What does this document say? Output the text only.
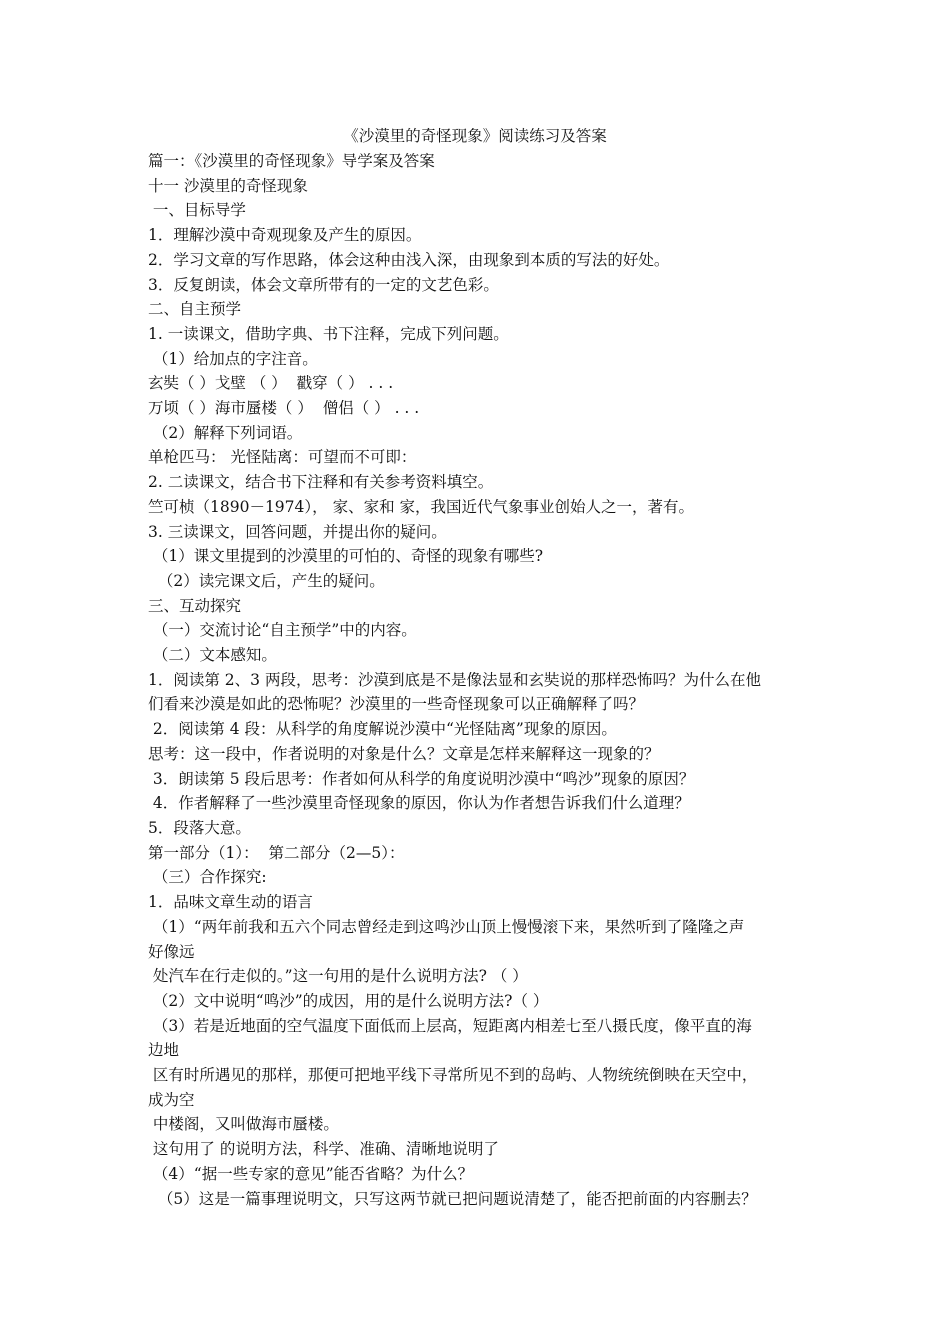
《沙漠里的奇怪现象》阅读练习及答案
篇一：《沙漠里的奇怪现象》导学案及答案
十一 沙漠里的奇怪现象
一、目标导学
1．理解沙漠中奇观现象及产生的原因。
2．学习文章的写作思路，体会这种由浅入深，由现象到本质的写法的好处。
3．反复朗读，体会文章所带有的一定的文艺色彩。
二、自主预学
1. 一读课文，借助字典、书下注释，完成下列问题。
（1）给加点的字注音。
玄奘（ ）戈壁 （ ）  戳穿（ ） . . .
万顷（ ）海市蜃楼（ ）  僧侣（ ） . . .
（2）解释下列词语。
单枪匹马： 光怪陆离：可望而不可即：
2. 二读课文，结合书下注释和有关参考资料填空。
竺可桢（1890－1974）， 家、家和 家，我国近代气象事业创始人之一，著有。
3. 三读课文，回答问题，并提出你的疑问。
（1）课文里提到的沙漠里的可怕的、奇怪的现象有哪些?
（2）读完课文后，产生的疑问。
三、互动探究
（一）交流讨论“自主预学”中的内容。
（二）文本感知。
1．阅读第 2、3 两段，思考：沙漠到底是不是像法显和玄奘说的那样恐怖吗？为什么在他
们看来沙漠是如此的恐怖呢？沙漠里的一些奇怪现象可以正确解释了吗？
2．阅读第 4 段：从科学的角度解说沙漠中“光怪陆离”现象的原因。
思考：这一段中，作者说明的对象是什么？文章是怎样来解释这一现象的？
3．朗读第 5 段后思考：作者如何从科学的角度说明沙漠中“鸣沙”现象的原因？
4．作者解释了一些沙漠里奇怪现象的原因，你认为作者想告诉我们什么道理？
5．段落大意。
第一部分（1）：  第二部分（2—5）：
（三）合作探究:
1．品味文章生动的语言
（1）“两年前我和五六个同志曾经走到这鸣沙山顶上慢慢滚下来，果然听到了隆隆之声
好像远
处汽车在行走似的。”这一句用的是什么说明方法? （ ）
（2）文中说明“鸣沙”的成因，用的是什么说明方法?（ ）
（3）若是近地面的空气温度下面低而上层高，短距离内相差七至八摄氏度，像平直的海
边地
区有时所遇见的那样，那便可把地平线下寻常所见不到的岛屿、人物统统倒映在天空中，
成为空
中楼阁，又叫做海市蜃楼。
这句用了 的说明方法，科学、准确、清晰地说明了
（4）“据一些专家的意见”能否省略？为什么？
（5）这是一篇事理说明文，只写这两节就已把问题说清楚了，能否把前面的内容删去？
